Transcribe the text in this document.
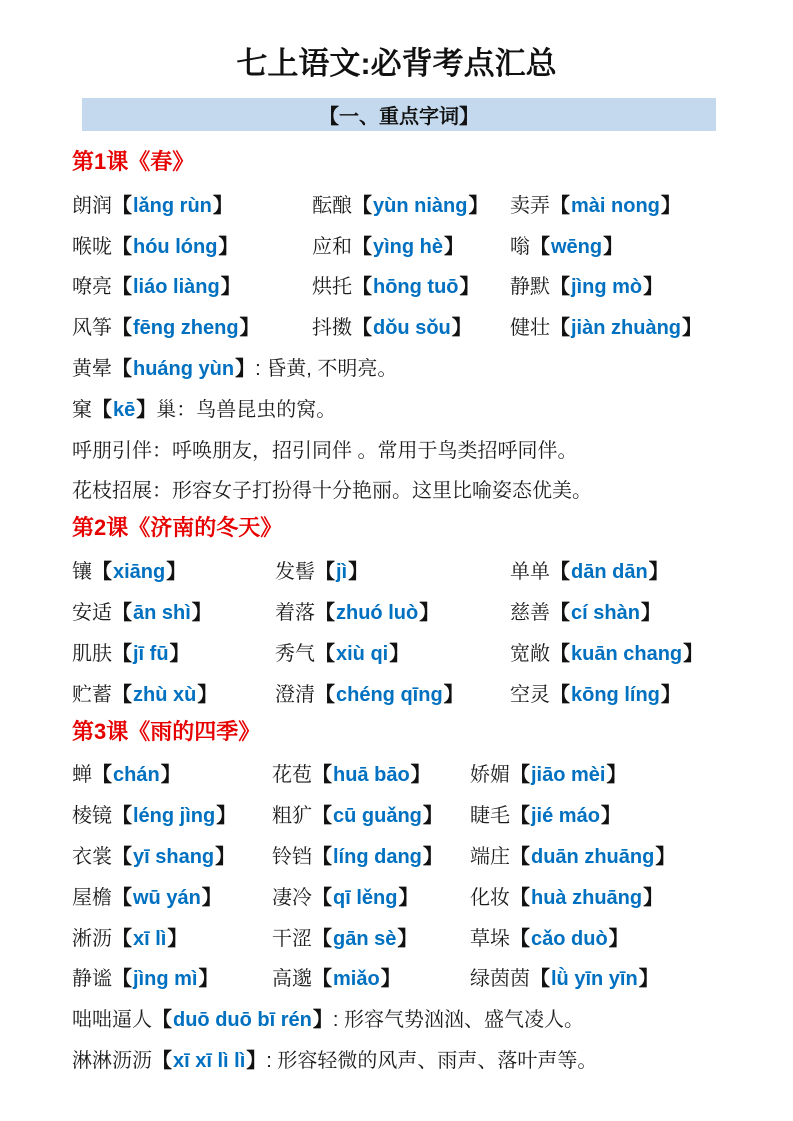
七上语文:必背考点汇总
【一、重点字词】
第1课《春》
朗润【lǎng rùn】	酝酿【yùn niàng】	卖弄【mài nong】
喉咙【hóu lóng】	应和【yìng hè】	嗡【wēng】
嘹亮【liáo liàng】	烘托【hōng tuō】	静默【jìng mò】
风筝【fēng zheng】	抖擞【dǒu sǒu】	健壮【jiàn zhuàng】
黄晕【huáng yùn】 : 昏黄, 不明亮。
窠【kē】 巢：鸟兽昆虫的窝。
呼朋引伴：呼唤朋友，招引同伴 。常用于鸟类招呼同伴。
花枝招展：形容女子打扮得十分艳丽。这里比喻姿态优美。
第2课《济南的冬天》
镶【xiāng】	发髻【jì】	单单【dān dān】
安适【ān shì】	着落【zhuó luò】	慈善【cí shàn】
肌肤【jī fū】	秀气【xiù qi】	宽敞【kuān chang】
贮蓄【zhù xù】	澄清【chéng qīng】	空灵【kōng líng】
第3课《雨的四季》
蝉【chán】	花苞【huā bāo】	娇媚【jiāo mèi】
棱镜【léng jìng】	粗犷【cū guǎng】	睫毛【jié máo】
衣裳【yī shang】	铃铛【líng dang】	端庄【duān zhuāng】
屋檐【wū yán】	凄冷【qī lěng】	化妆【huà zhuāng】
淅沥【xī lì】	干涩【gān sè】	草垛【cǎo duò】
静谧【jìng mì】	高邈【miǎo】	绿茵茵【lǜ yīn yīn】
咄咄逼人【duō duō bī rén】 : 形容气势汹汹、盛气凌人。
淋淋沥沥【xī xī lì lì】 : 形容轻微的风声、雨声、落叶声等。
